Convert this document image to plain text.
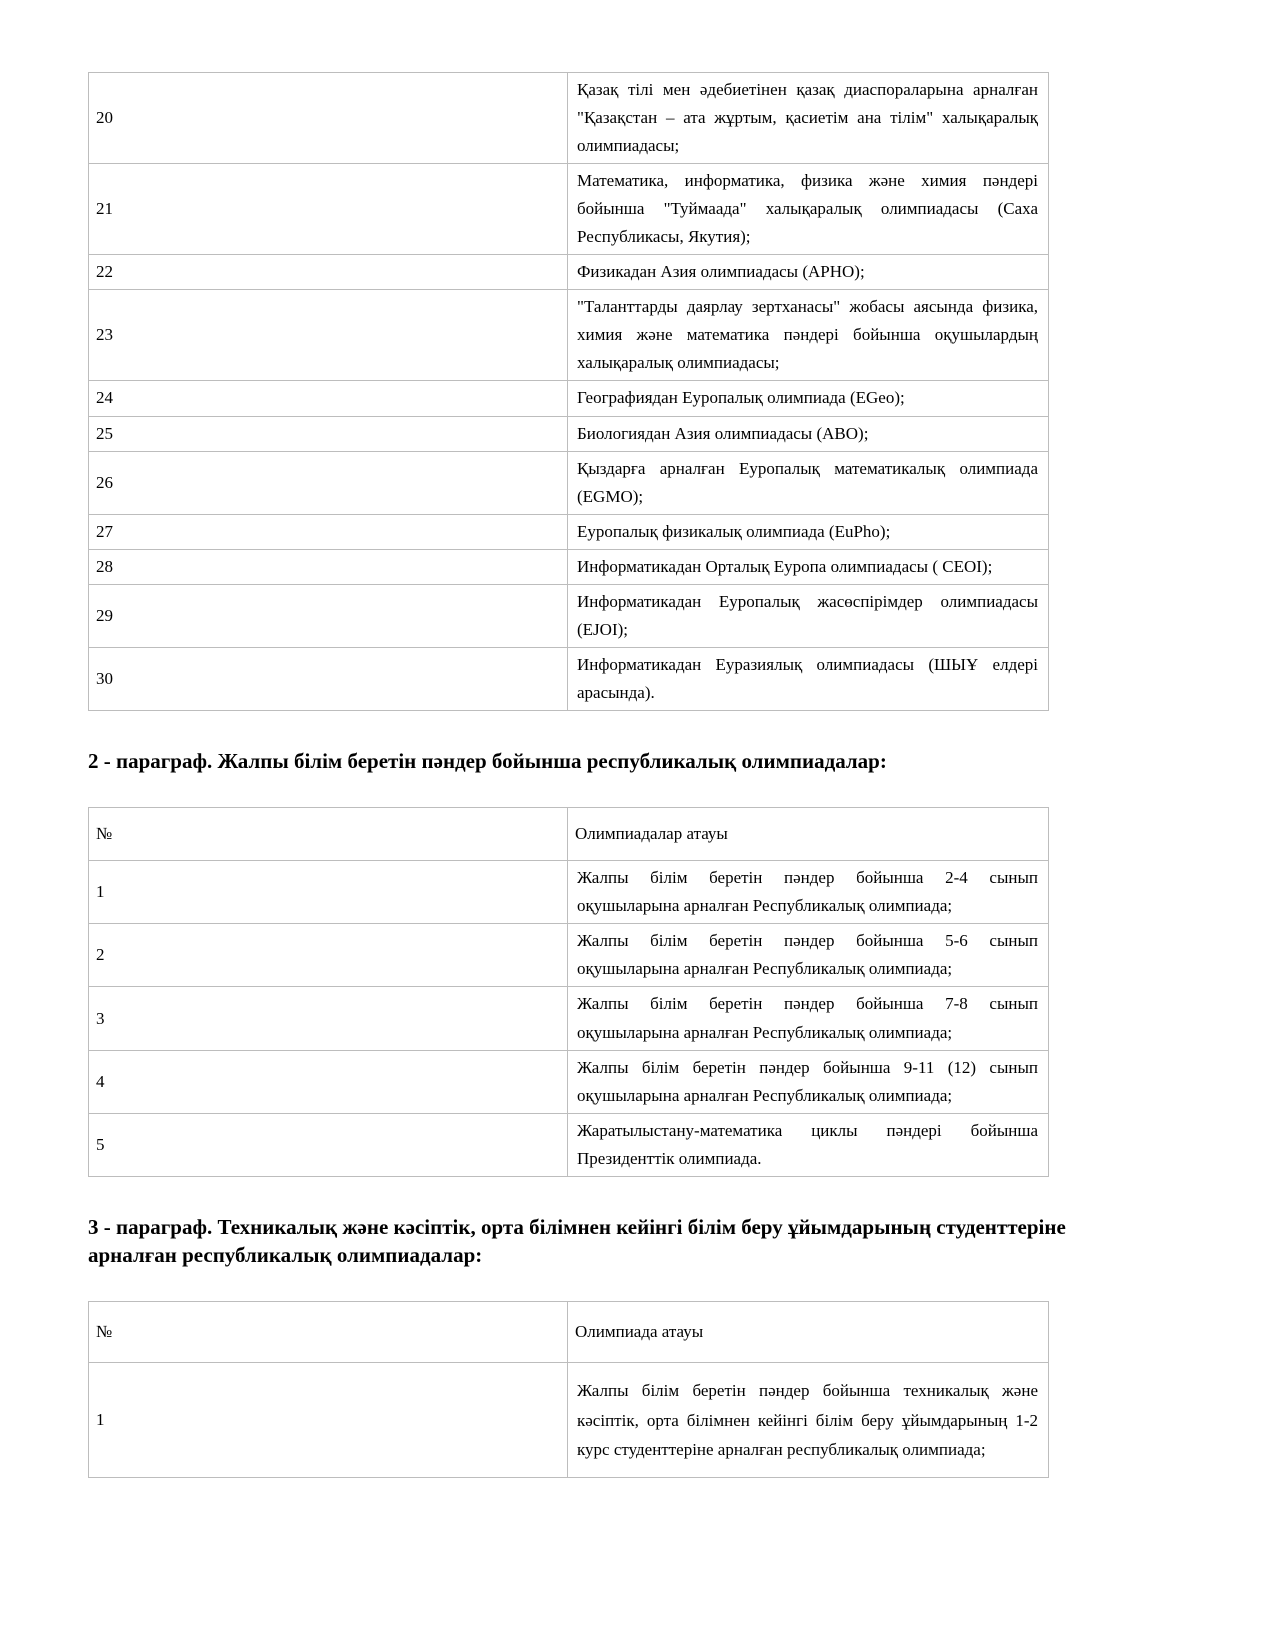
20	Қазақ тілі мен әдебиетінен қазақ диаспораларына арналған "Қазақстан – ата жұртым, қасиетім ана тілім" халықаралық олимпиадасы;
21	Математика, информатика, физика және химия пәндері бойынша "Туймаада" халықаралық олимпиадасы (Саха Республикасы, Якутия);
22	Физикадан Азия олимпиадасы (APHO);
23	"Таланттарды даярлау зертханасы" жобасы аясында физика, химия және математика пәндері бойынша оқушылардың халықаралық олимпиадасы;
24	Географиядан Еуропалық олимпиада (EGeo);
25	Биологиядан Азия олимпиадасы (ABO);
26	Қыздарға арналған Еуропалық математикалық олимпиада (EGMO);
27	Еуропалық физикалық олимпиада (EuPho);
28	Информатикадан Орталық Еуропа олимпиадасы ( CEOI);
29	Информатикадан Еуропалық жасөспірімдер олимпиадасы (EJOI);
30	Информатикадан Еуразиялық олимпиадасы (ШЫҰ елдері арасында).
2 - параграф. Жалпы білім беретін пәндер бойынша республикалық олимпиадалар:
№	Олимпиадалар атауы
1	Жалпы білім беретін пәндер бойынша 2-4 сынып оқушыларына арналған Республикалық олимпиада;
2	Жалпы білім беретін пәндер бойынша 5-6 сынып оқушыларына арналған Республикалық олимпиада;
3	Жалпы білім беретін пәндер бойынша 7-8 сынып оқушыларына арналған Республикалық олимпиада;
4	Жалпы білім беретін пәндер бойынша 9-11 (12) сынып оқушыларына арналған Республикалық олимпиада;
5	Жаратылыстану-математика циклы пәндері бойынша Президенттік олимпиада.
3 - параграф. Техникалық және кәсіптік, орта білімнен кейінгі білім беру ұйымдарының студенттеріне арналған республикалық олимпиадалар:
№	Олимпиада атауы
1	Жалпы білім беретін пәндер бойынша техникалық және кәсіптік, орта білімнен кейінгі білім беру ұйымдарының 1-2 курс студенттеріне арналған республикалық олимпиада;
